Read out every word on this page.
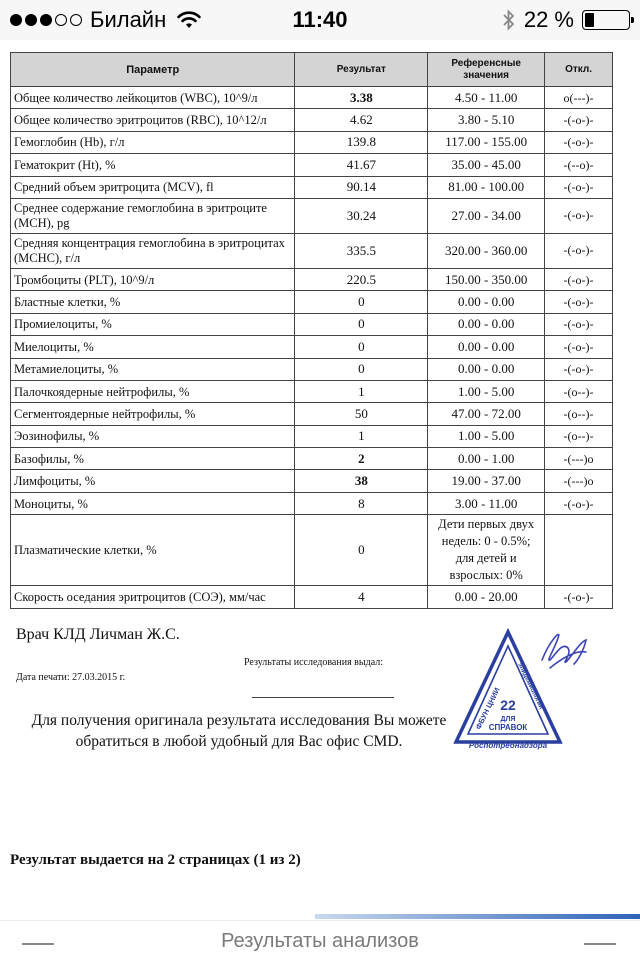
Билайн	11:40	22 %
Параметр	Результат	Референсные значения	Откл.
Общее количество лейкоцитов (WBC), 10^9/л	3.38	4.50 - 11.00	o(---)-
Общее количество эритроцитов (RBC), 10^12/л	4.62	3.80 - 5.10	-(-o-)-
Гемоглобин (Hb), г/л	139.8	117.00 - 155.00	-(-o-)-
Гематокрит (Ht), %	41.67	35.00 - 45.00	-(--o)-
Средний объем эритроцита (MCV), fl	90.14	81.00 - 100.00	-(-o-)-
Среднее содержание гемоглобина в эритроците (MCH), pg	30.24	27.00 - 34.00	-(-o-)-
Средняя концентрация гемоглобина в эритроцитах (MCHC), г/л	335.5	320.00 - 360.00	-(-o-)-
Тромбоциты (PLT), 10^9/л	220.5	150.00 - 350.00	-(-o-)-
Бластные клетки, %	0	0.00 - 0.00	-(-o-)-
Промиелоциты, %	0	0.00 - 0.00	-(-o-)-
Миелоциты, %	0	0.00 - 0.00	-(-o-)-
Метамиелоциты, %	0	0.00 - 0.00	-(-o-)-
Палочкоядерные нейтрофилы, %	1	1.00 - 5.00	-(o--)-
Сегментоядерные нейтрофилы, %	50	47.00 - 72.00	-(o--)-
Эозинофилы, %	1	1.00 - 5.00	-(o--)-
Базофилы, %	2	0.00 - 1.00	-(---)o
Лимфоциты, %	38	19.00 - 37.00	-(---)o
Моноциты, %	8	3.00 - 11.00	-(-o-)-
Плазматические клетки, %	0	Дети первых двух недель: 0 - 0.5%; для детей и взрослых: 0%	
Скорость оседания эритроцитов (СОЭ), мм/час	4	0.00 - 20.00	-(-o-)-
Врач КЛД Личман Ж.С.
Результаты исследования выдал:
Дата печати: 27.03.2015 г.
Для получения оригинала результата исследования Вы можете обратиться в любой удобный для Вас офис CMD.
22
ДЛЯ
СПРАВОК
ФБУН ЦНИИ эпидемиологии
Роспотребнадзора
Результат выдается на 2 страницах (1 из 2)
Результаты анализов
